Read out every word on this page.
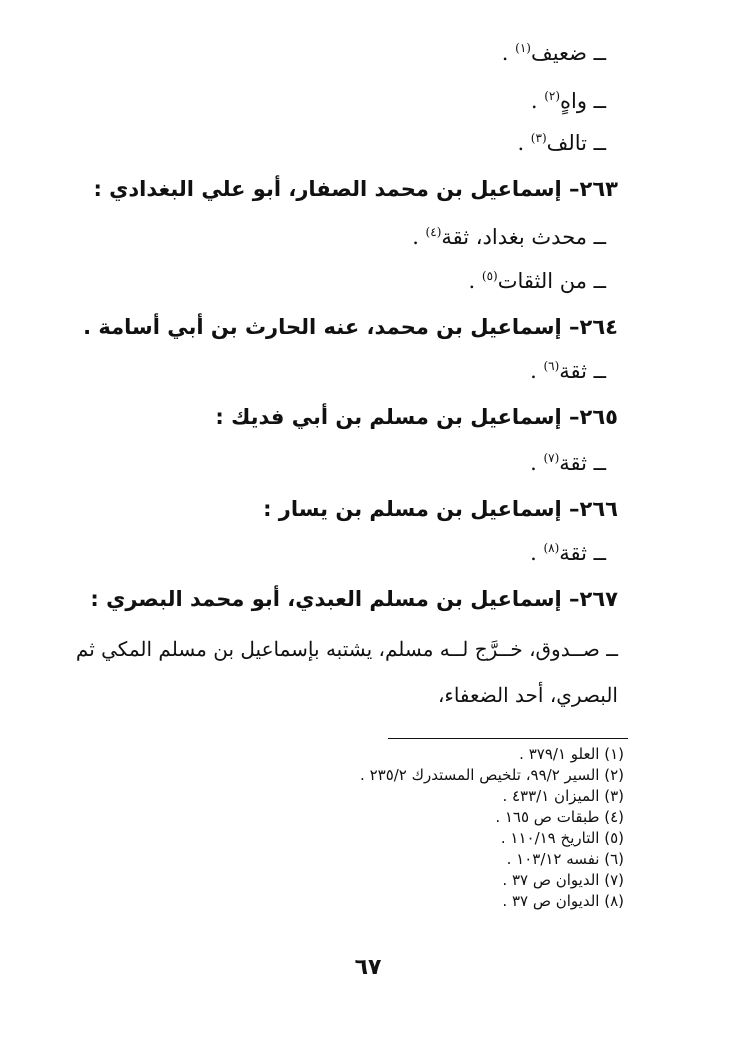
ــ ضعيف$^{(١)}$ .
ــ واهٍ$^{(٢)}$ .
ــ تالف$^{(٣)}$ .
٢٦٣– إسماعيل بن محمد الصفار، أبو علي البغدادي :
ــ محدث بغداد، ثقة$^{(٤)}$ .
ــ من الثقات$^{(٥)}$ .
٢٦٤– إسماعيل بن محمد، عنه الحارث بن أبي أسامة .
ــ ثقة$^{(٦)}$ .
٢٦٥– إسماعيل بن مسلم بن أبي فديك :
ــ ثقة$^{(٧)}$ .
٢٦٦– إسماعيل بن مسلم بن يسار :
ــ ثقة$^{(٨)}$ .
٢٦٧– إسماعيل بن مسلم العبدي، أبو محمد البصري :
ــ صــدوق، خــرَّج لــه مسلم، يشتبه بإسماعيل بن مسلم المكي ثم
البصري، أحد الضعفاء،
(١) العلو ٣٧٩/١ .
(٢) السير ٩٩/٢، تلخيص المستدرك ٢٣٥/٢ .
(٣) الميزان ٤٣٣/١ .
(٤) طبقات ص ١٦٥ .
(٥) التاريخ ١١٠/١٩ .
(٦) نفسه ١٠٣/١٢ .
(٧) الديوان ص ٣٧ .
(٨) الديوان ص ٣٧ .
٦٧
